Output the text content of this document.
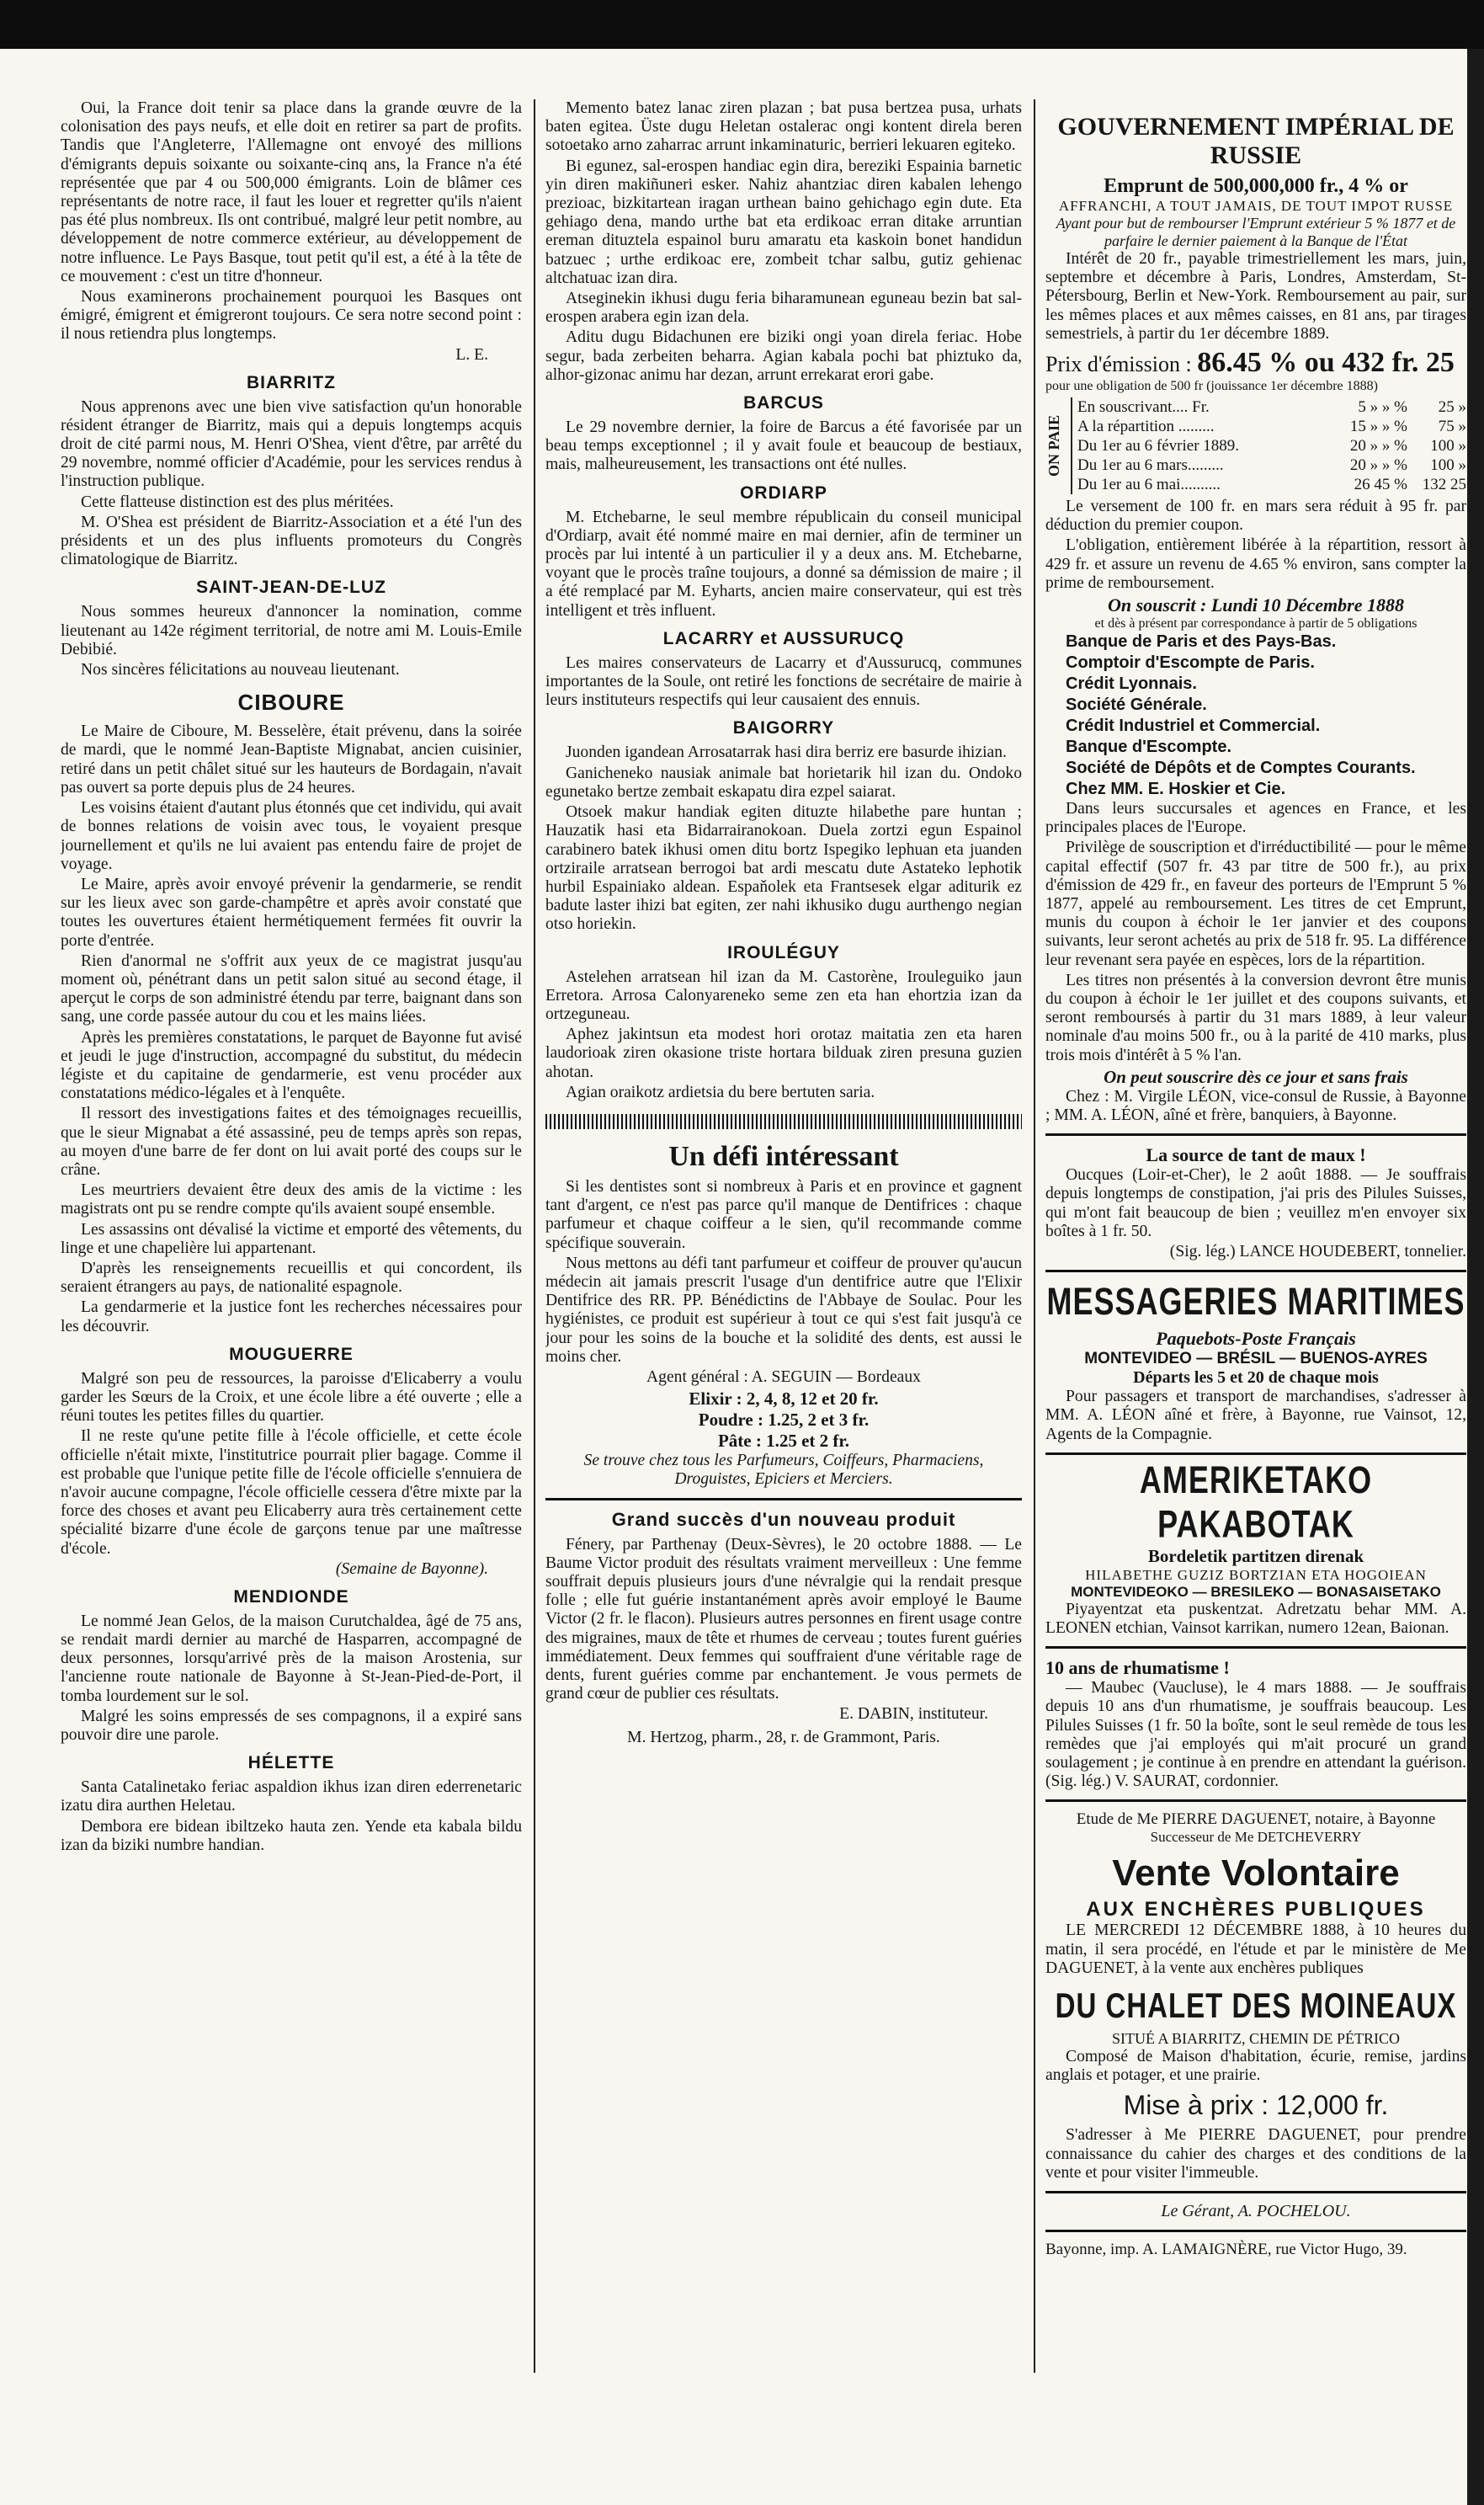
Oui, la France doit tenir sa place dans la grande œuvre de la colonisation des pays neufs, et elle doit en retirer sa part de profits. Tandis que l'Angleterre, l'Allemagne ont envoyé des millions d'émigrants depuis soixante ou soixante-cinq ans, la France n'a été représentée que par 4 ou 500,000 émigrants. Loin de blâmer ces représentants de notre race, il faut les louer et regretter qu'ils n'aient pas été plus nombreux. Ils ont contribué, malgré leur petit nombre, au développement de notre commerce extérieur, au développement de notre influence. Le Pays Basque, tout petit qu'il est, a été à la tête de ce mouvement : c'est un titre d'honneur.

Nous examinerons prochainement pourquoi les Basques ont émigré, émigrent et émigreront toujours. Ce sera notre second point : il nous retiendra plus longtemps.

L. E.
BIARRITZ

Nous apprenons avec une bien vive satisfaction qu'un honorable résident étranger de Biarritz, mais qui a depuis longtemps acquis droit de cité parmi nous, M. Henri O'Shea, vient d'être, par arrêté du 29 novembre, nommé officier d'Académie, pour les services rendus à l'instruction publique.

Cette flatteuse distinction est des plus méritées.

M. O'Shea est président de Biarritz-Association et a été l'un des présidents et un des plus influents promoteurs du Congrès climatologique de Biarritz.

SAINT-JEAN-DE-LUZ

Nous sommes heureux d'annoncer la nomination, comme lieutenant au 142e régiment territorial, de notre ami M. Louis-Emile Debibié.

Nos sincères félicitations au nouveau lieutenant.

CIBOURE

Le Maire de Ciboure, M. Besselère, était prévenu, dans la soirée de mardi, que le nommé Jean-Baptiste Mignabat, ancien cuisinier, retiré dans un petit châlet situé sur les hauteurs de Bordagain, n'avait pas ouvert sa porte depuis plus de 24 heures.

Les voisins étaient d'autant plus étonnés que cet individu, qui avait de bonnes relations de voisin avec tous, le voyaient presque journellement et qu'ils ne lui avaient pas entendu faire de projet de voyage.

Le Maire, après avoir envoyé prévenir la gendarmerie, se rendit sur les lieux avec son garde-champêtre et après avoir constaté que toutes les ouvertures étaient hermétiquement fermées fit ouvrir la porte d'entrée.

Rien d'anormal ne s'offrit aux yeux de ce magistrat jusqu'au moment où, pénétrant dans un petit salon situé au second étage, il aperçut le corps de son administré étendu par terre, baignant dans son sang, une corde passée autour du cou et les mains liées.

Après les premières constatations, le parquet de Bayonne fut avisé et jeudi le juge d'instruction, accompagné du substitut, du médecin légiste et du capitaine de gendarmerie, est venu procéder aux constatations médico-légales et à l'enquête.

Il ressort des investigations faites et des témoignages recueillis, que le sieur Mignabat a été assassiné, peu de temps après son repas, au moyen d'une barre de fer dont on lui avait porté des coups sur le crâne.

Les meurtriers devaient être deux des amis de la victime : les magistrats ont pu se rendre compte qu'ils avaient soupé ensemble.

Les assassins ont dévalisé la victime et emporté des vêtements, du linge et une chapelière lui appartenant.

D'après les renseignements recueillis et qui concordent, ils seraient étrangers au pays, de nationalité espagnole.

La gendarmerie et la justice font les recherches nécessaires pour les découvrir.

MOUGUERRE

Malgré son peu de ressources, la paroisse d'Elicaberry a voulu garder les Sœurs de la Croix, et une école libre a été ouverte ; elle a réuni toutes les petites filles du quartier.

Il ne reste qu'une petite fille à l'école officielle, et cette école officielle n'était mixte, l'institutrice pourrait plier bagage. Comme il est probable que l'unique petite fille de l'école officielle s'ennuiera de n'avoir aucune compagne, l'école officielle cessera d'être mixte par la force des choses et avant peu Elicaberry aura très certainement cette spécialité bizarre d'une école de garçons tenue par une maîtresse d'école.

(Semaine de Bayonne).
MENDIONDE

Le nommé Jean Gelos, de la maison Curutchaldea, âgé de 75 ans, se rendait mardi dernier au marché de Hasparren, accompagné de deux personnes, lorsqu'arrivé près de la maison Arostenia, sur l'ancienne route nationale de Bayonne à St-Jean-Pied-de-Port, il tomba lourdement sur le sol.

Malgré les soins empressés de ses compagnons, il a expiré sans pouvoir dire une parole.

HÉLETTE

Santa Catalinetako feriac aspaldion ikhus izan diren ederrenetaric izatu dira aurthen Heletau.

Dembora ere bidean ibiltzeko hauta zen. Yende eta kabala bildu izan da biziki numbre handian.

Memento batez lanac ziren plazan ; bat pusa bertzea pusa, urhats baten egitea. Üste dugu Heletan ostalerac ongi kontent direla beren sotoetako arno zaharrac arrunt inkaminaturic, berrieri lekuaren egiteko.

Bi egunez, sal-erospen handiac egin dira, bereziki Espainia barnetic yin diren makiñuneri esker. Nahiz ahantziac diren kabalen lehengo prezioac, bizkitartean iragan urthean baino gehichago egin dute. Eta gehiago dena, mando urthe bat eta erdikoac erran ditake arruntian ereman dituztela espainol buru amaratu eta kaskoin bonet handidun batzuec ; urthe erdikoac ere, zombeit tchar salbu, gutiz gehienac altchatuac izan dira.

Atseginekin ikhusi dugu feria biharamunean eguneau bezin bat sal-erospen arabera egin izan dela.

Aditu dugu Bidachunen ere biziki ongi yoan direla feriac. Hobe segur, bada zerbeiten beharra. Agian kabala pochi bat phiztuko da, alhor-gizonac animu har dezan, arrunt errekarat erori gabe.

BARCUS

Le 29 novembre dernier, la foire de Barcus a été favorisée par un beau temps exceptionnel ; il y avait foule et beaucoup de bestiaux, mais, malheureusement, les transactions ont été nulles.

ORDIARP

M. Etchebarne, le seul membre républicain du conseil municipal d'Ordiarp, avait été nommé maire en mai dernier, afin de terminer un procès par lui intenté à un particulier il y a deux ans. M. Etchebarne, voyant que le procès traîne toujours, a donné sa démission de maire ; il a été remplacé par M. Eyharts, ancien maire conservateur, qui est très intelligent et très influent.

LACARRY et AUSSURUCQ

Les maires conservateurs de Lacarry et d'Aussurucq, communes importantes de la Soule, ont retiré les fonctions de secrétaire de mairie à leurs instituteurs respectifs qui leur causaient des ennuis.

BAIGORRY

Juonden igandean Arrosatarrak hasi dira berriz ere basurde ihizian.

Ganicheneko nausiak animale bat horietarik hil izan du. Ondoko egunetako bertze zembait eskapatu dira ezpel saiarat.

Otsoek makur handiak egiten dituzte hilabethe pare huntan ; Hauzatik hasi eta Bidarrairanokoan. Duela zortzi egun Espainol carabinero batek ikhusi omen ditu bortz Ispegiko lephuan eta juanden ortziraile arratsean berrogoi bat ardi mescatu dute Astateko lephotik hurbil Espainiako aldean. Espaňolek eta Frantsesek elgar aditurik ez badute laster ihizi bat egiten, zer nahi ikhusiko dugu aurthengo negian otso horiekin.

IROULÉGUY

Astelehen arratsean hil izan da M. Castorène, Irouleguiko jaun Erretora. Arrosa Calonyareneko seme zen eta han ehortzia izan da ortzeguneau.

Aphez jakintsun eta modest hori orotaz maitatia zen eta haren laudorioak ziren okasione triste hortara bilduak ziren presuna guzien ahotan.

Agian oraikotz ardietsia du bere bertuten saria.

Un défi intéressant

Si les dentistes sont si nombreux à Paris et en province et gagnent tant d'argent, ce n'est pas parce qu'il manque de Dentifrices : chaque parfumeur et chaque coiffeur a le sien, qu'il recommande comme spécifique souverain.

Nous mettons au défi tant parfumeur et coiffeur de prouver qu'aucun médecin ait jamais prescrit l'usage d'un dentifrice autre que l'Elixir Dentifrice des RR. PP. Bénédictins de l'Abbaye de Soulac. Pour les hygiénistes, ce produit est supérieur à tout ce qui s'est fait jusqu'à ce jour pour les soins de la bouche et la solidité des dents, est aussi le moins cher.

Agent général : A. SEGUIN — Bordeaux
Elixir : 2, 4, 8, 12 et 20 fr.
Poudre : 1.25, 2 et 3 fr.
Pâte : 1.25 et 2 fr.
Se trouve chez tous les Parfumeurs, Coiffeurs, Pharmaciens, Droguistes, Epiciers et Merciers.
Grand succès d'un nouveau produit

Fénery, par Parthenay (Deux-Sèvres), le 20 octobre 1888. — Le Baume Victor produit des résultats vraiment merveilleux : Une femme souffrait depuis plusieurs jours d'une névralgie qui la rendait presque folle ; elle fut guérie instantanément après avoir employé le Baume Victor (2 fr. le flacon). Plusieurs autres personnes en firent usage contre des migraines, maux de tête et rhumes de cerveau ; toutes furent guéries immédiatement. Deux femmes qui souffraient d'une véritable rage de dents, furent guéries comme par enchantement. Je vous permets de grand cœur de publier ces résultats.

E. DABIN, instituteur.
M. Hertzog, pharm., 28, r. de Grammont, Paris.
GOUVERNEMENT IMPÉRIAL DE RUSSIE
Emprunt de 500,000,000 fr., 4 % or
AFFRANCHI, A TOUT JAMAIS, DE TOUT IMPOT RUSSE
Ayant pour but de rembourser l'Emprunt extérieur 5 % 1877 et de parfaire le dernier paiement à la Banque de l'État

Intérêt de 20 fr., payable trimestriellement les mars, juin, septembre et décembre à Paris, Londres, Amsterdam, St-Pétersbourg, Berlin et New-York. Remboursement au pair, sur les mêmes places et aux mêmes caisses, en 81 ans, par tirages semestriels, à partir du 1er décembre 1889.

Prix d'émission : 86.45 % ou 432 fr. 25
pour une obligation de 500 fr (jouissance 1er décembre 1888)
ON PAIE
En souscrivant.... Fr.	5 » » %	25 »
A la répartition .........	15 » » %	75 »
Du 1er au 6 février 1889.	20 » » %	100 »
Du 1er au 6 mars.........	20 » » %	100 »
Du 1er au 6 mai..........	26 45 % 132 25

Le versement de 100 fr. en mars sera réduit à 95 fr. par déduction du premier coupon.

L'obligation, entièrement libérée à la répartition, ressort à 429 fr. et assure un revenu de 4.65 % environ, sans compter la prime de remboursement.

On souscrit : Lundi 10 Décembre 1888
et dès à présent par correspondance à partir de 5 obligations
Banque de Paris et des Pays-Bas.
Comptoir d'Escompte de Paris.
Crédit Lyonnais.
Société Générale.
Crédit Industriel et Commercial.
Banque d'Escompte.
Société de Dépôts et de Comptes Courants.
Chez MM. E. Hoskier et Cie.

Dans leurs succursales et agences en France, et les principales places de l'Europe.

Privilège de souscription et d'irréductibilité — pour le même capital effectif (507 fr. 43 par titre de 500 fr.), au prix d'émission de 429 fr., en faveur des porteurs de l'Emprunt 5 % 1877, appelé au remboursement. Les titres de cet Emprunt, munis du coupon à échoir le 1er janvier et des coupons suivants, leur seront achetés au prix de 518 fr. 95. La différence leur revenant sera payée en espèces, lors de la répartition.

Les titres non présentés à la conversion devront être munis du coupon à échoir le 1er juillet et des coupons suivants, et seront remboursés à partir du 31 mars 1889, à leur valeur nominale d'au moins 500 fr., ou à la parité de 410 marks, plus trois mois d'intérêt à 5 % l'an.

On peut souscrire dès ce jour et sans frais

Chez : M. Virgile LÉON, vice-consul de Russie, à Bayonne ; MM. A. LÉON, aîné et frère, banquiers, à Bayonne.

La source de tant de maux !

Oucques (Loir-et-Cher), le 2 août 1888. — Je souffrais depuis longtemps de constipation, j'ai pris des Pilules Suisses, qui m'ont fait beaucoup de bien ; veuillez m'en envoyer six boîtes à 1 fr. 50.

(Sig. lég.) LANCE HOUDEBERT, tonnelier.
MESSAGERIES MARITIMES
Paquebots-Poste Français
MONTEVIDEO — BRÉSIL — BUENOS-AYRES
Départs les 5 et 20 de chaque mois

Pour passagers et transport de marchandises, s'adresser à MM. A. LÉON aîné et frère, à Bayonne, rue Vainsot, 12, Agents de la Compagnie.

AMERIKETAKO PAKABOTAK
Bordeletik partitzen direnak
HILABETHE GUZIZ BORTZIAN ETA HOGOIEAN
MONTEVIDEOKO — BRESILEKO — BONASAISETAKO

Piyayentzat eta puskentzat. Adretzatu behar MM. A. LEONEN etchian, Vainsot karrikan, numero 12ean, Baionan.

10 ans de rhumatisme !

— Maubec (Vaucluse), le 4 mars 1888. — Je souffrais depuis 10 ans d'un rhumatisme, je souffrais beaucoup. Les Pilules Suisses (1 fr. 50 la boîte, sont le seul remède de tous les remèdes que j'ai employés qui m'ait procuré un grand soulagement ; je continue à en prendre en attendant la guérison. (Sig. lég.) V. SAURAT, cordonnier.

Etude de Me PIERRE DAGUENET, notaire, à Bayonne
Successeur de Me DETCHEVERRY
Vente Volontaire
AUX ENCHÈRES PUBLIQUES

LE MERCREDI 12 DÉCEMBRE 1888, à 10 heures du matin, il sera procédé, en l'étude et par le ministère de Me DAGUENET, à la vente aux enchères publiques

DU CHALET DES MOINEAUX
SITUÉ A BIARRITZ, CHEMIN DE PÉTRICO

Composé de Maison d'habitation, écurie, remise, jardins anglais et potager, et une prairie.

Mise à prix : 12,000 fr.

S'adresser à Me PIERRE DAGUENET, pour prendre connaissance du cahier des charges et des conditions de la vente et pour visiter l'immeuble.

Le Gérant, A. POCHELOU.
Bayonne, imp. A. LAMAIGNÈRE, rue Victor Hugo, 39.
